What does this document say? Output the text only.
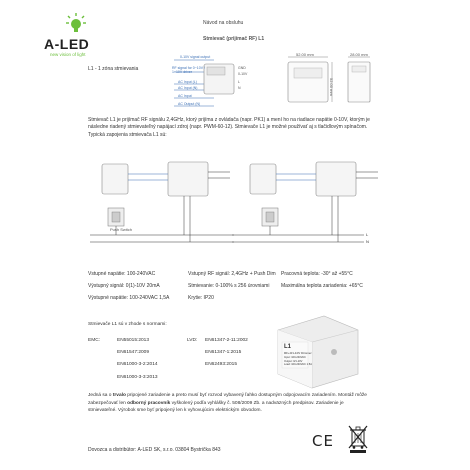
A-LED
new vision of light
Návod na obsluhu
Stmievač (prijímač RF) L1
L1 - 1 zóna stmievania
0-10V signal output
RF signal for 0~10V / 1~10V driver
AC Input (L)
AC Input (N)
AC Input
AC Output (N)
GND
0-10V
L
N
52.00 mm
52.00 mm
28.00 mm
Stmievač L1 je prijímač RF signálu 2,4GHz, ktorý prijíma z ovládača (napr. PK1) a mení ho na riadiace napätie 0-10V, ktorým je následne riadený stmievateľný napájací zdroj (napr. PWM-60-12). Stmievače L1 je možné používať aj s tlačidlovým spínačom. Typická zapojenia stmievača L1 sú:
Push Switch
L
N
Vstupné napätie: 100-240VAC
Výstupný signál: 0(1)-10V 20mA
Výstupné napätie: 100-240VAC 1,5A
Vstupný RF signál: 2,4GHz + Push Dim
Stmievanie: 0-100% s 256 úrovniami
Krytie: IP20
Pracovná teplota: -30° až +55°C
Maximálna teplota zariadenia: +65°C
Stmievače L1 sú v zhode s normami:
EMC:	EN55015:2013
EN61547:2009
EN61000-3-2:2014
EN61000-3-3:2013
LVD: EN61347-2-11:2002
EN61347-1:2015
EN62493:2015
L1
RF+0/1-10V Dimmer
Input: 100-240VAC
Output: 0/1-10V
Load: 100-240VAC 1.5A
Jedná sa o trvalo pripojené zariadenie a preto musí byť rozvod vybavený ľahko dostupným odpojovacím zariadením. Montáž môže zabezpečovať len odborný pracovník vyškolený podľa vyhlášky č. 508/2009 Zb. a nadväzných predpisov. Zariadenie je stmievateľné. Výrobok sme byť pripojený len k vyhovujúcim elektrickým obvodom.
Dovozca a distribútor: A-LED SK, s.r.o. 03804 Bystrička 843	CE
